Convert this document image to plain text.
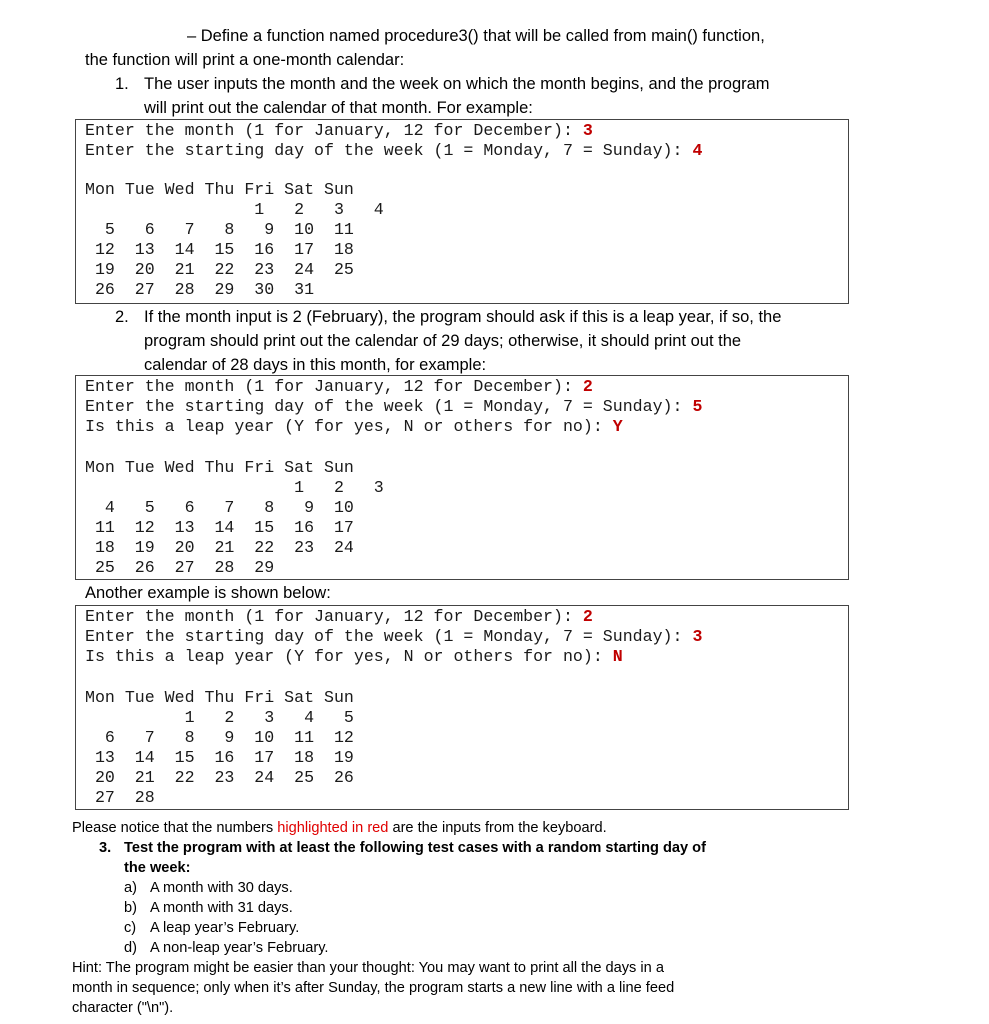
– Define a function named procedure3() that will be called from main() function,
the function will print a one-month calendar:
1. The user inputs the month and the week on which the month begins, and the program
will print out the calendar of that month. For example:
Enter the month (1 for January, 12 for December): 3
Enter the starting day of the week (1 = Monday, 7 = Sunday): 4
Mon Tue Wed Thu Fri Sat Sun
1   2   3   4
5   6   7   8   9  10  11
12  13  14  15  16  17  18
19  20  21  22  23  24  25
26  27  28  29  30  31
2. If the month input is 2 (February), the program should ask if this is a leap year, if so, the
program should print out the calendar of 29 days; otherwise, it should print out the
calendar of 28 days in this month, for example:
Enter the month (1 for January, 12 for December): 2
Enter the starting day of the week (1 = Monday, 7 = Sunday): 5
Is this a leap year (Y for yes, N or others for no): Y
Mon Tue Wed Thu Fri Sat Sun
1   2   3
4   5   6   7   8   9  10
11  12  13  14  15  16  17
18  19  20  21  22  23  24
25  26  27  28  29
Another example is shown below:
Enter the month (1 for January, 12 for December): 2
Enter the starting day of the week (1 = Monday, 7 = Sunday): 3
Is this a leap year (Y for yes, N or others for no): N
Mon Tue Wed Thu Fri Sat Sun
1   2   3   4   5
6   7   8   9  10  11  12
13  14  15  16  17  18  19
20  21  22  23  24  25  26
27  28
Please notice that the numbers highlighted in red are the inputs from the keyboard.
3. Test the program with at least the following test cases with a random starting day of
the week:
a) A month with 30 days.
b) A month with 31 days.
c) A leap year’s February.
d) A non-leap year’s February.
Hint: The program might be easier than your thought: You may want to print all the days in a
month in sequence; only when it’s after Sunday, the program starts a new line with a line feed
character ("\n").
